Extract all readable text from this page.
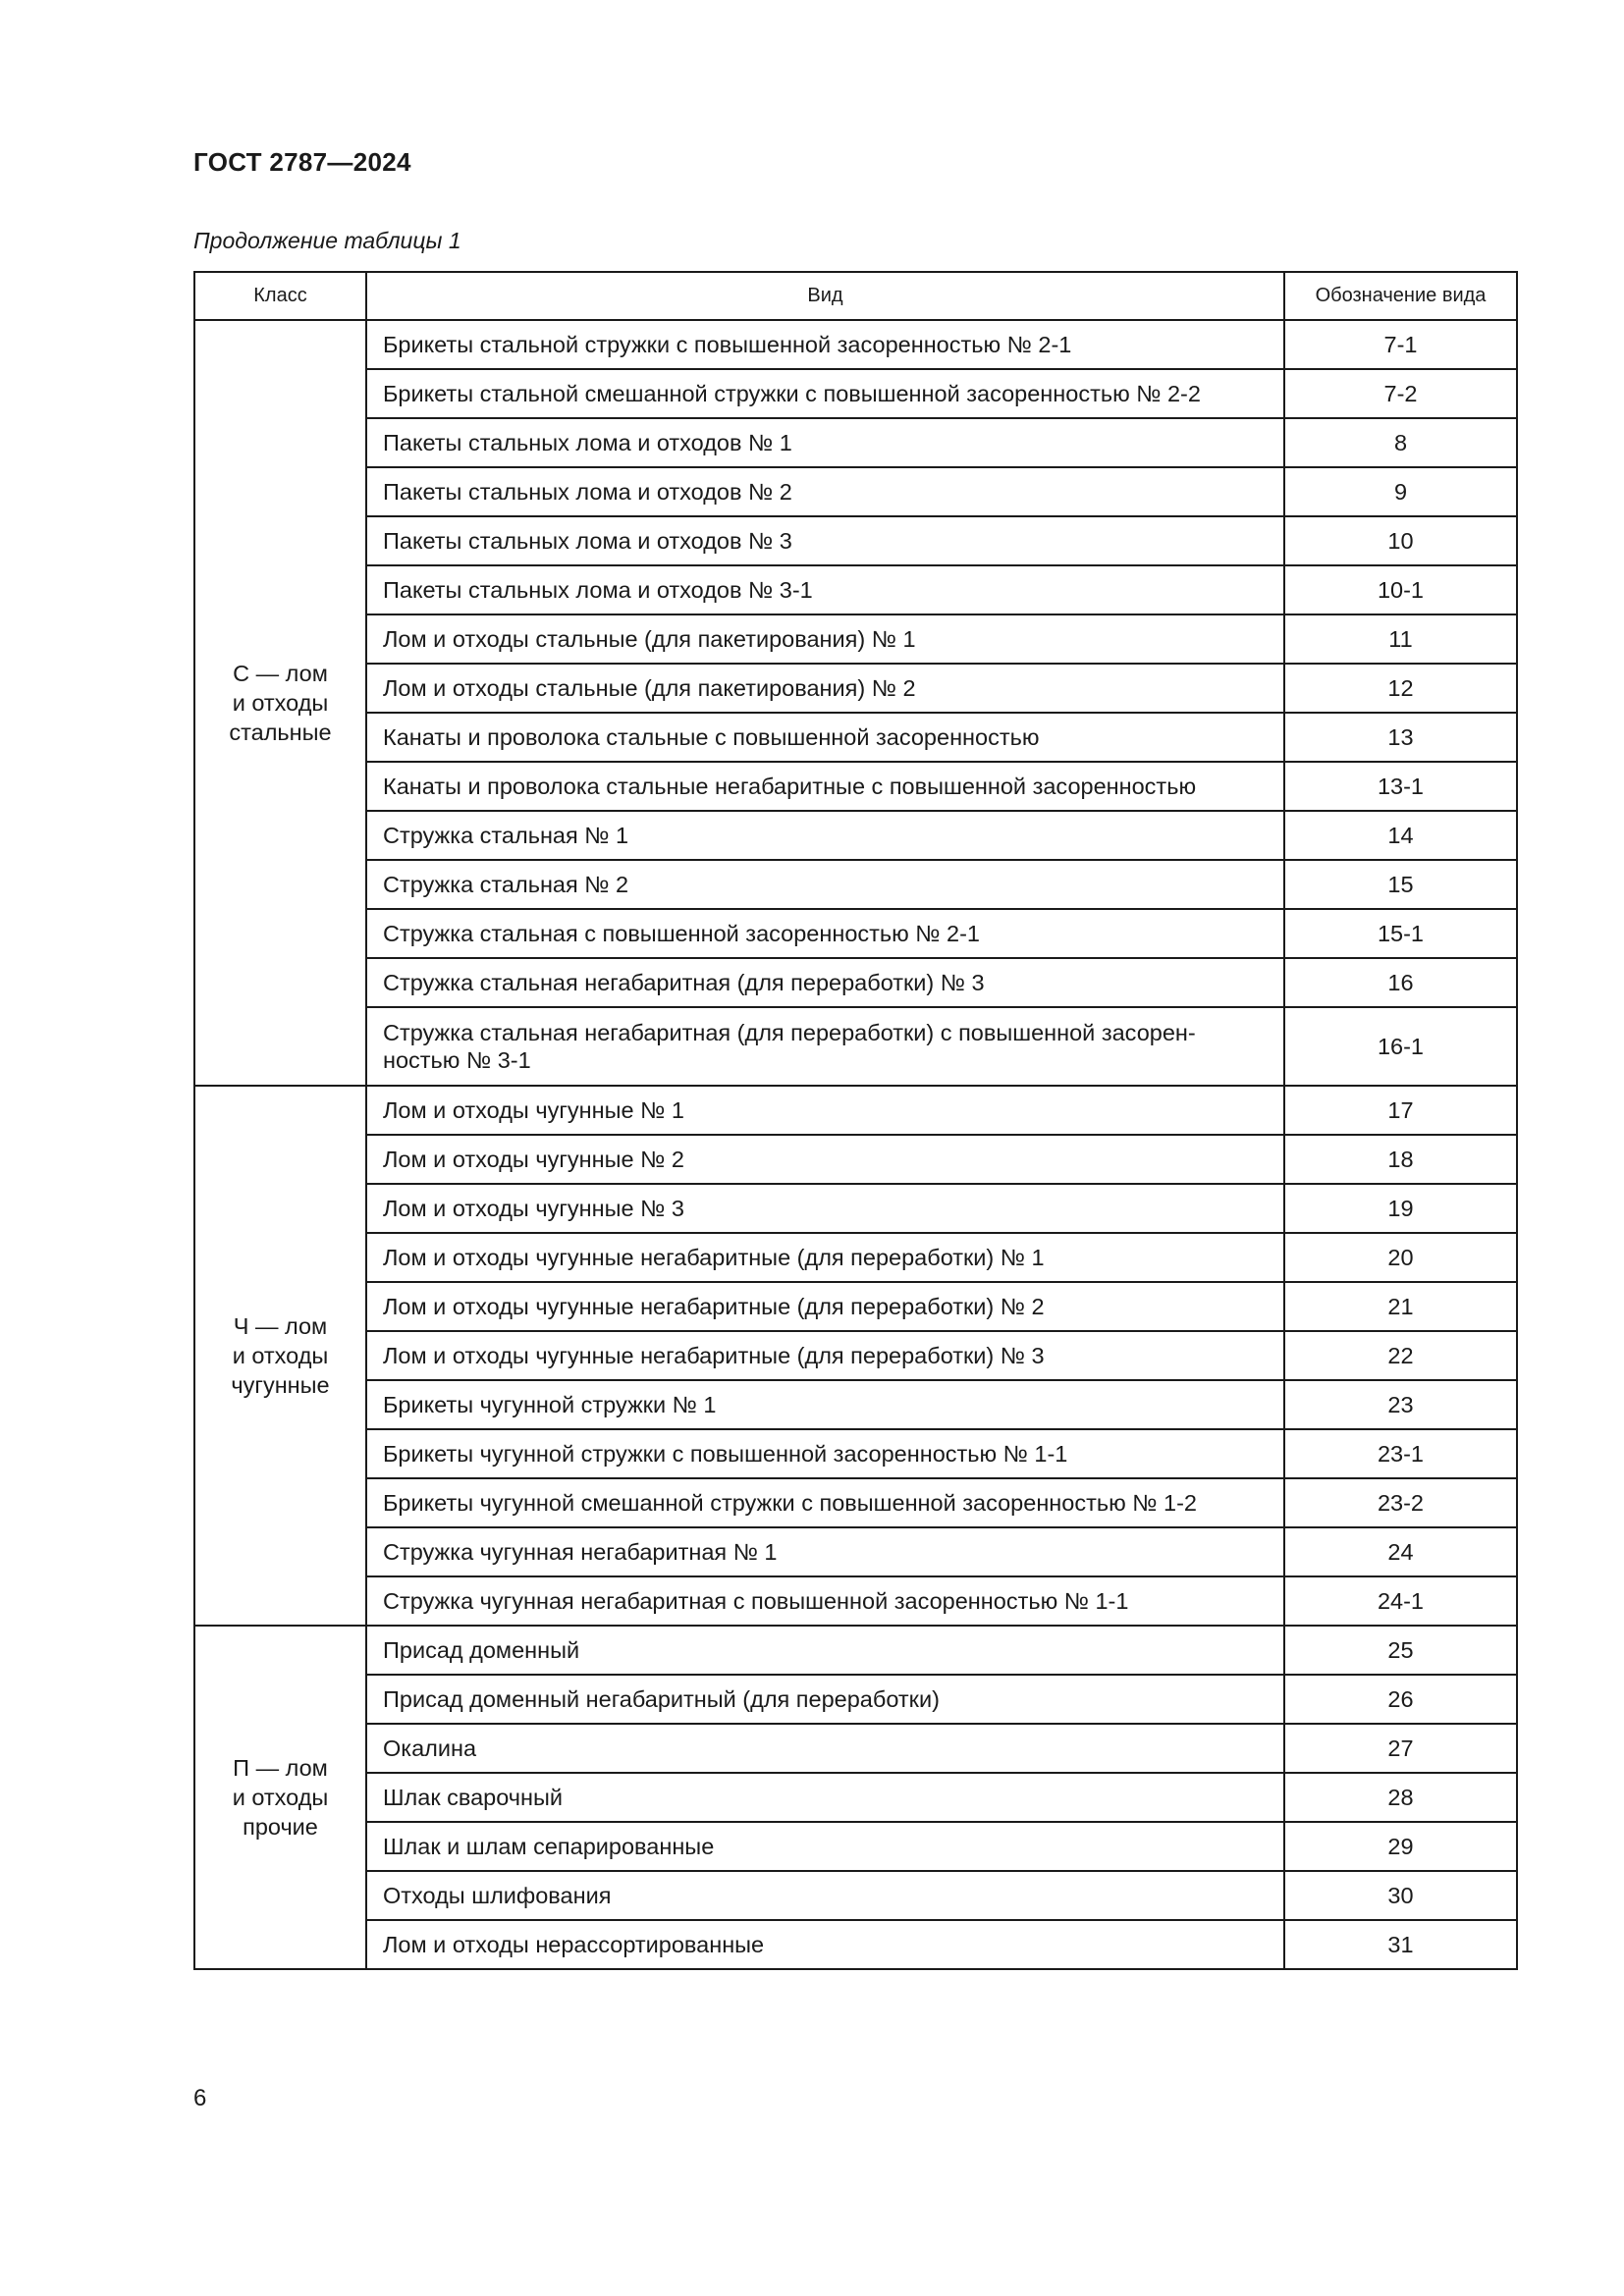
ГОСТ 2787—2024
Продолжение таблицы 1
Класс	Вид	Обозначение вида

С — лом
и отходы
стальные	Брикеты стальной стружки с повышенной засоренностью № 2-1	7-1
	Брикеты стальной смешанной стружки с повышенной засоренностью № 2-2	7-2
	Пакеты стальных лома и отходов № 1	8
	Пакеты стальных лома и отходов № 2	9
	Пакеты стальных лома и отходов № 3	10
	Пакеты стальных лома и отходов № 3-1	10-1
	Лом и отходы стальные (для пакетирования) № 1	11
	Лом и отходы стальные (для пакетирования) № 2	12
	Канаты и проволока стальные с повышенной засоренностью	13
	Канаты и проволока стальные негабаритные с повышенной засоренностью	13-1
	Стружка стальная № 1	14
	Стружка стальная № 2	15
	Стружка стальная с повышенной засоренностью № 2-1	15-1
	Стружка стальная негабаритная (для переработки) № 3	16
	Стружка стальная негабаритная (для переработки) с повышенной засорен-ностью № 3-1	16-1

Ч — лом
и отходы
чугунные	Лом и отходы чугунные № 1	17
	Лом и отходы чугунные № 2	18
	Лом и отходы чугунные № 3	19
	Лом и отходы чугунные негабаритные (для переработки) № 1	20
	Лом и отходы чугунные негабаритные (для переработки) № 2	21
	Лом и отходы чугунные негабаритные (для переработки) № 3	22
	Брикеты чугунной стружки № 1	23
	Брикеты чугунной стружки с повышенной засоренностью № 1-1	23-1
	Брикеты чугунной смешанной стружки с повышенной засоренностью № 1-2	23-2
	Стружка чугунная негабаритная № 1	24
	Стружка чугунная негабаритная с повышенной засоренностью № 1-1	24-1

П — лом
и отходы
прочие	Присад доменный	25
	Присад доменный негабаритный (для переработки)	26
	Окалина	27
	Шлак сварочный	28
	Шлак и шлам сепарированные	29
	Отходы шлифования	30
	Лом и отходы нерассортированные	31
6
